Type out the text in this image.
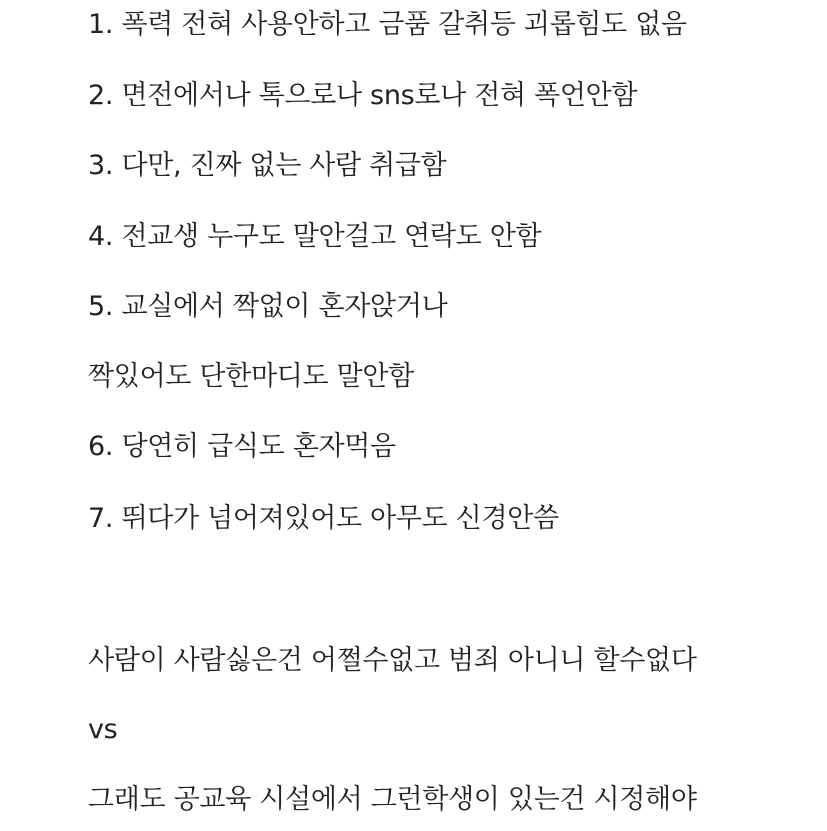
1. 폭력 전혀 사용안하고 금품 갈취등 괴롭힘도 없음
2. 면전에서나 톡으로나 sns로나 전혀 폭언안함
3. 다만, 진짜 없는 사람 취급함
4. 전교생 누구도 말안걸고 연락도 안함
5. 교실에서 짝없이 혼자앉거나
짝있어도 단한마디도 말안함
6. 당연히 급식도 혼자먹음
7. 뛰다가 넘어져있어도 아무도 신경안씀
사람이 사람싫은건 어쩔수없고 범죄 아니니 할수없다
vs
그래도 공교육 시설에서 그런학생이 있는건 시정해야
